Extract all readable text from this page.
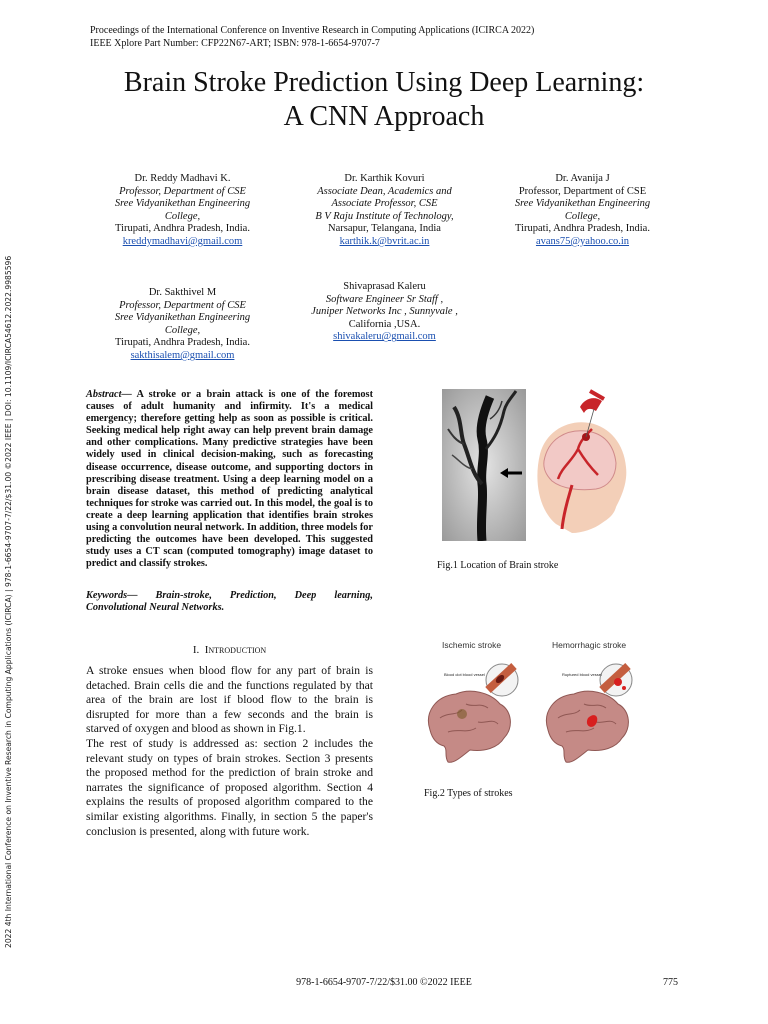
Proceedings of the International Conference on Inventive Research in Computing Applications (ICIRCA 2022)
IEEE Xplore Part Number: CFP22N67-ART; ISBN: 978-1-6654-9707-7
Brain Stroke Prediction Using Deep Learning:
A CNN Approach
Dr. Reddy Madhavi K.
Professor, Department of CSE
Sree Vidyanikethan Engineering
College,
Tirupati, Andhra Pradesh, India.
kreddymadhavi@gmail.com
Dr. Karthik Kovuri
Associate Dean, Academics and
Associate Professor, CSE
B V Raju Institute of Technology,
Narsapur, Telangana, India
karthik.k@bvrit.ac.in
Dr. Avanija J
Professor, Department of CSE
Sree Vidyanikethan Engineering
College,
Tirupati, Andhra Pradesh, India.
avans75@yahoo.co.in
Dr. Sakthivel M
Professor, Department of CSE
Sree Vidyanikethan Engineering
College,
Tirupati, Andhra Pradesh, India.
sakthisalem@gmail.com
Shivaprasad Kaleru
Software Engineer Sr Staff ,
Juniper Networks Inc , Sunnyvale ,
California ,USA.
shivakaleru@gmail.com
2022 4th International Conference on Inventive Research in Computing Applications (ICIRCA) | 978-1-6654-9707-7/22/$31.00 ©2022 IEEE | DOI: 10.1109/ICIRCA54612.2022.9985596	Abstract— A stroke or a brain attack is one of the foremost causes of adult humanity and infirmity. It's a medical emergency; therefore getting help as soon as possible is critical. Seeking medical help right away can help prevent brain damage and other complications. Many predictive strategies have been widely used in clinical decision-making, such as forecasting disease occurrence, disease outcome, and supporting doctors in prescribing disease treatment. Using a deep learning model on a brain disease dataset, this method of predicting analytical techniques for stroke was carried out. In this model, the goal is to create a deep learning application that identifies brain strokes using a convolution neural network. In addition, three models for predicting the outcomes have been developed. This suggested study uses a CT scan (computed tomography) image dataset to predict and classify strokes.
Keywords— Brain-stroke, Prediction, Deep learning, Convolutional Neural Networks.
I. Introduction

A stroke ensues when blood flow for any part of brain is detached. Brain cells die and the functions regulated by that area of the brain are lost if blood flow to the brain is disrupted for more than a few seconds and the brain is starved of oxygen and blood as shown in Fig.1.

The rest of study is addressed as: section 2 includes the relevant study on types of brain strokes. Section 3 presents the proposed method for the prediction of brain stroke and narrates the significance of proposed algorithm. Section 4 explains the results of proposed algorithm compared to the similar existing algorithms. Finally, in section 5 the paper's conclusion is presented, along with future work.

Fig.1 Location of Brain stroke
Ischemic stroke	Hemorrhagic stroke
Blood clot blood vessel	Ruptured blood vessel
Fig.2 Types of strokes
978-1-6654-9707-7/22/$31.00 ©2022 IEEE	775
